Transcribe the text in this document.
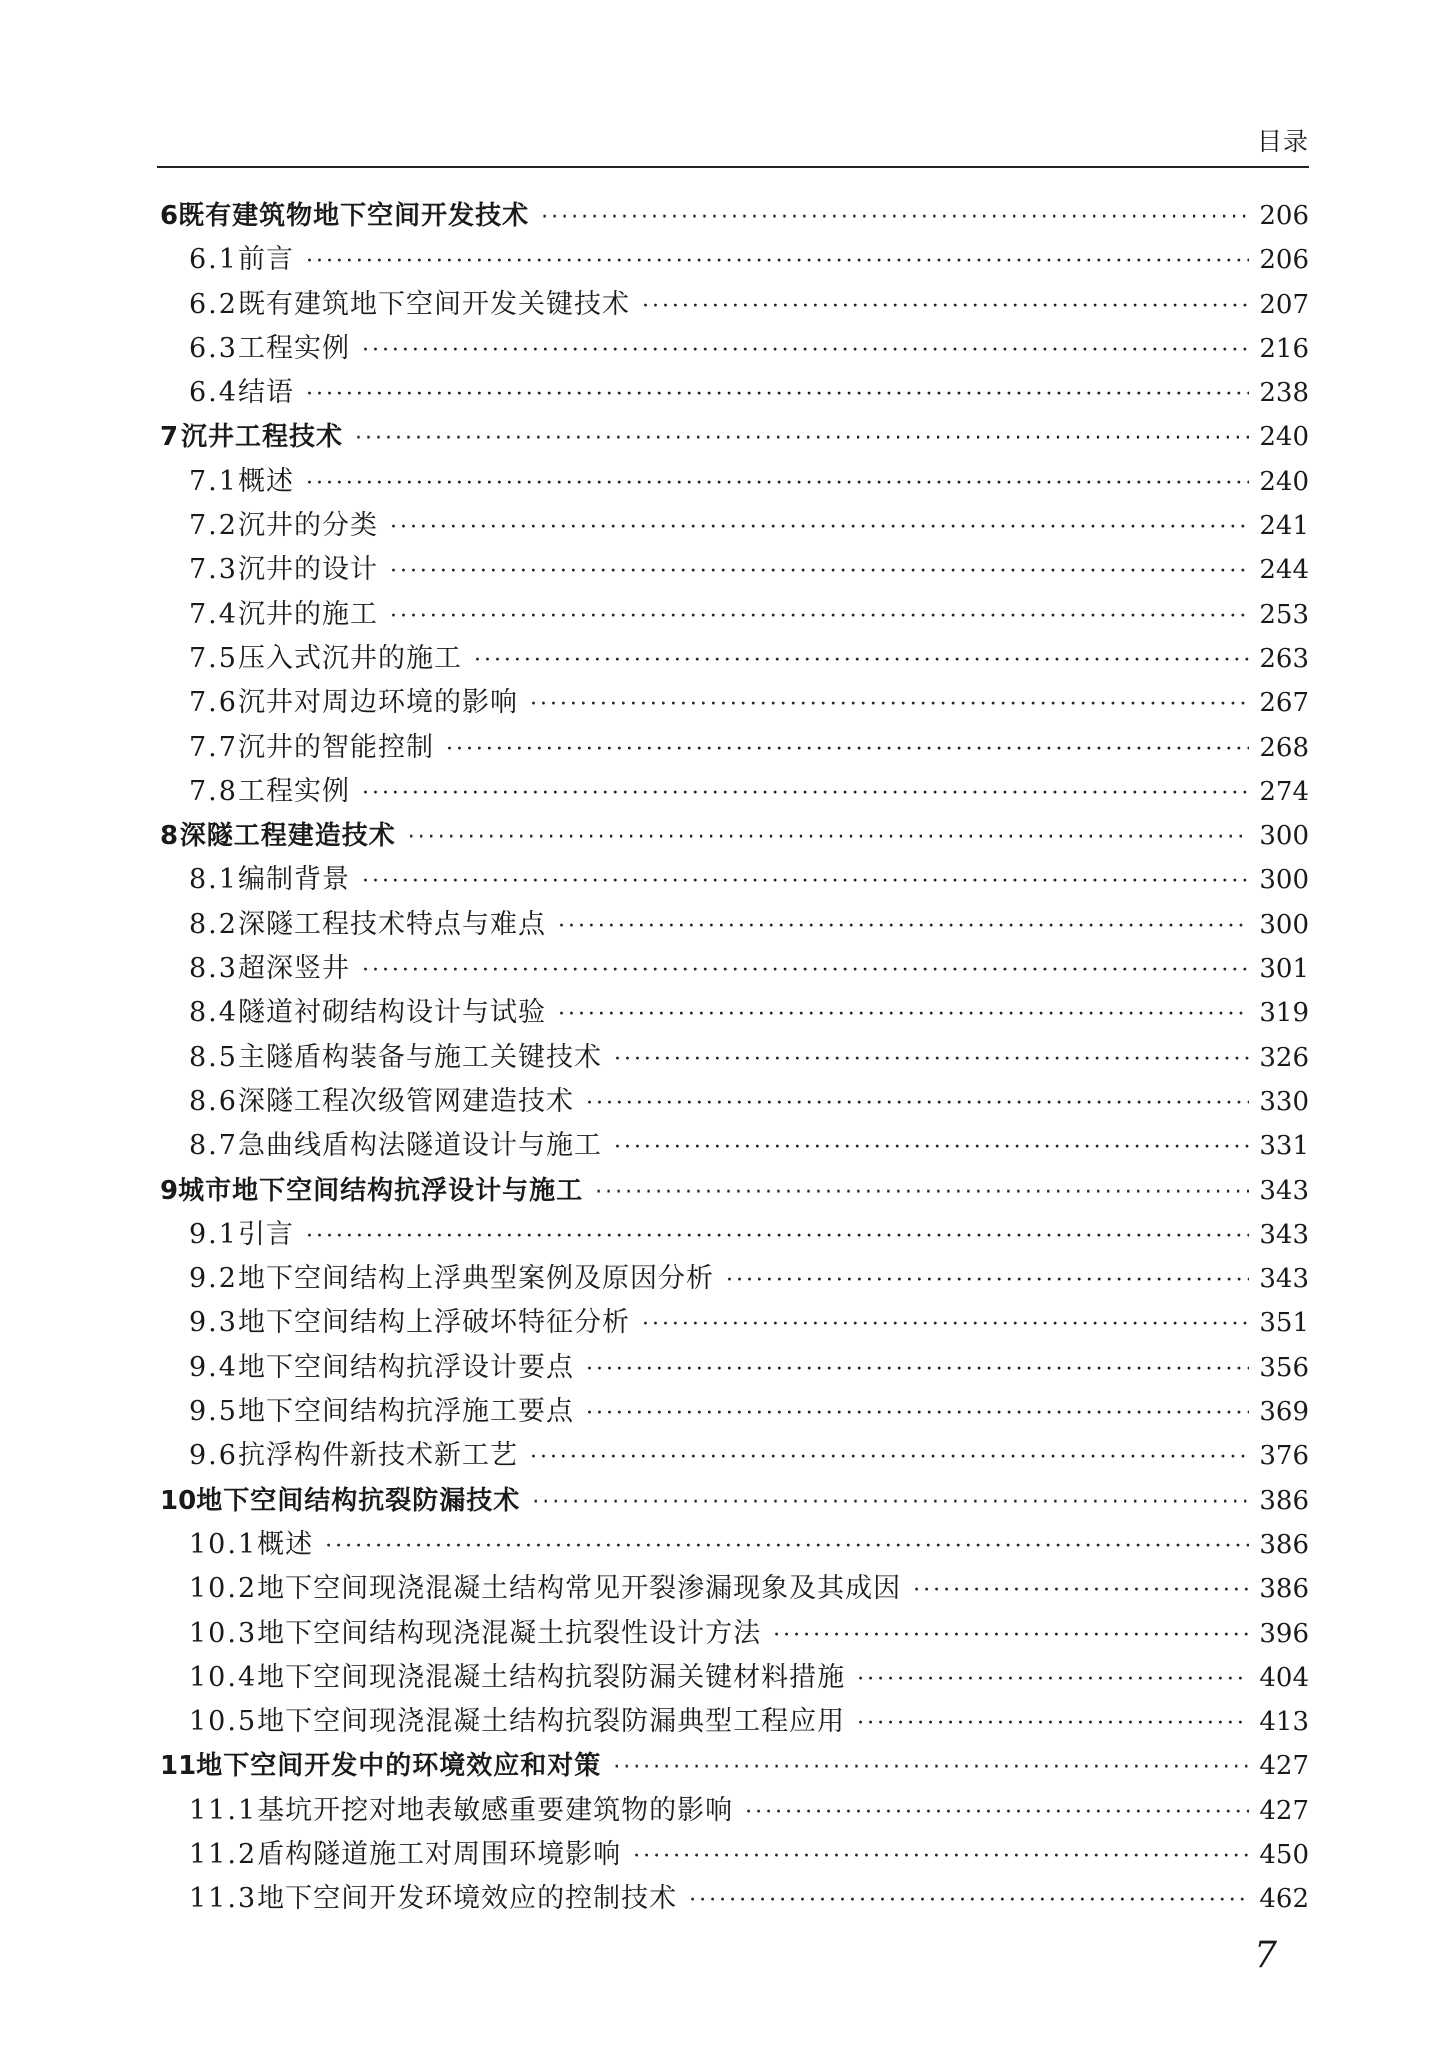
目录
6 既有建筑物地下空间开发技术 ·····	206
6.1 前言 ·····	206
6.2 既有建筑地下空间开发关键技术 ·····	207
6.3 工程实例 ·····	216
6.4 结语 ·····	238
7 沉井工程技术 ·····	240
7.1 概述 ·····	240
7.2 沉井的分类 ·····	241
7.3 沉井的设计 ·····	244
7.4 沉井的施工 ·····	253
7.5 压入式沉井的施工 ·····	263
7.6 沉井对周边环境的影响 ·····	267
7.7 沉井的智能控制 ·····	268
7.8 工程实例 ·····	274
8 深隧工程建造技术 ·····	300
8.1 编制背景 ·····	300
8.2 深隧工程技术特点与难点 ·····	300
8.3 超深竖井 ·····	301
8.4 隧道衬砌结构设计与试验 ·····	319
8.5 主隧盾构装备与施工关键技术 ·····	326
8.6 深隧工程次级管网建造技术 ·····	330
8.7 急曲线盾构法隧道设计与施工 ·····	331
9 城市地下空间结构抗浮设计与施工 ·····	343
9.1 引言 ·····	343
9.2 地下空间结构上浮典型案例及原因分析 ·····	343
9.3 地下空间结构上浮破坏特征分析 ·····	351
9.4 地下空间结构抗浮设计要点 ·····	356
9.5 地下空间结构抗浮施工要点 ·····	369
9.6 抗浮构件新技术新工艺 ·····	376
10 地下空间结构抗裂防漏技术 ·····	386
10.1 概述 ·····	386
10.2 地下空间现浇混凝土结构常见开裂渗漏现象及其成因 ·····	386
10.3 地下空间结构现浇混凝土抗裂性设计方法 ·····	396
10.4 地下空间现浇混凝土结构抗裂防漏关键材料措施 ·····	404
10.5 地下空间现浇混凝土结构抗裂防漏典型工程应用 ·····	413
11 地下空间开发中的环境效应和对策 ·····	427
11.1 基坑开挖对地表敏感重要建筑物的影响 ·····	427
11.2 盾构隧道施工对周围环境影响 ·····	450
11.3 地下空间开发环境效应的控制技术 ·····	462
7
